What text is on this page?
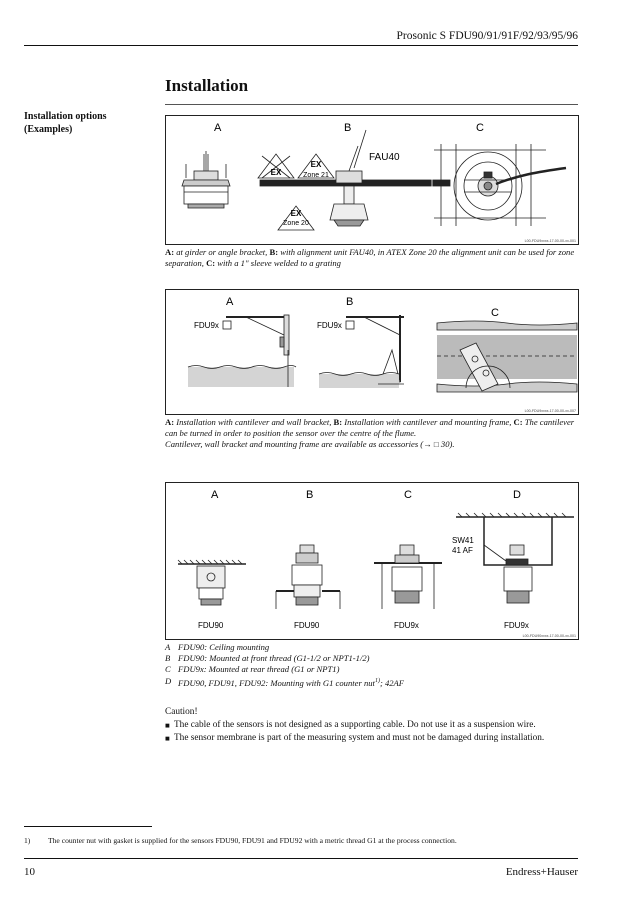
Prosonic S FDU90/91/91F/92/93/95/96
Installation
Installation options
(Examples)	A	B	C
EX
EX
Zone 21
EX
Zone 20
FAU40
L00-FDU9xxxx-17-00-00-xx-001
A: at girder or angle bracket, B: with alignment unit FAU40, in ATEX Zone 20 the alignment unit can be used for zone separation, C: with a 1" sleeve welded to a grating
A	B
C
FDU9x	FDU9x
L00-FDU9xxxx-17-00-00-xx-007
A: Installation with cantilever and wall bracket, B: Installation with cantilever and mounting frame, C: The cantilever can be turned in order to position the sensor over the centre of the flume.
Cantilever, wall bracket and mounting frame are available as accessories (→ □ 30).
A	B	C	D
SW41
41 AF
FDU90	FDU90	FDU9x	FDU9x
L00-FDU90xxxx-17-00-00-xx-001
A FDU90: Ceiling mounting
B FDU90: Mounted at front thread (G1-1/2 or NPT1-1/2)
C FDU9x: Mounted at rear thread (G1 or NPT1)
D FDU90, FDU91, FDU92: Mounting with G1 counter nut$^{1)}$; 42AF
Caution!
■ The cable of the sensors is not designed as a supporting cable. Do not use it as a suspension wire.
■ The sensor membrane is part of the measuring system and must not be damaged during installation.
1)	The counter nut with gasket is supplied for the sensors FDU90, FDU91 and FDU92 with a metric thread G1 at the process connection.
10	Endress+Hauser
